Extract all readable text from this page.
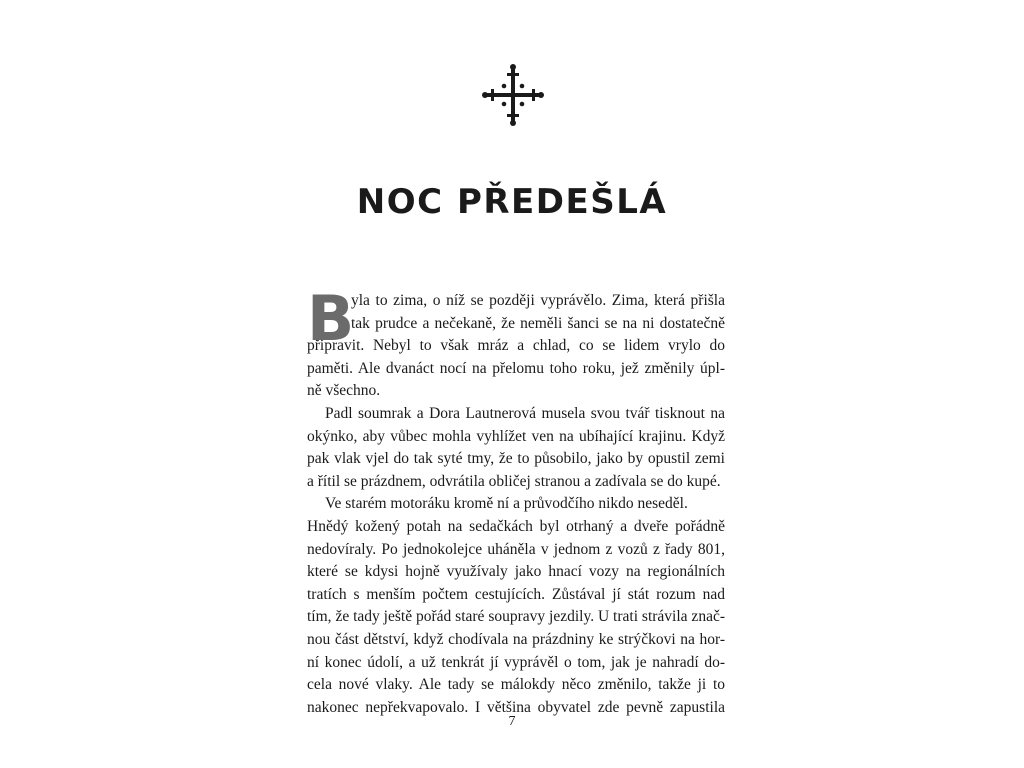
NOC PŘEDEŠLÁ
B
yla to zima, o níž se později vyprávělo. Zima, která přišla
tak prudce a nečekaně, že neměli šanci se na ni dostatečně
připravit. Nebyl to však mráz a chlad, co se lidem vrylo do
paměti. Ale dvanáct nocí na přelomu toho roku, jež změnily úpl-
ně všechno.
Padl soumrak a Dora Lautnerová musela svou tvář tisknout na
okýnko, aby vůbec mohla vyhlížet ven na ubíhající krajinu. Když
pak vlak vjel do tak syté tmy, že to působilo, jako by opustil zemi
a řítil se prázdnem, odvrátila obličej stranou a zadívala se do kupé.
Ve starém motoráku kromě ní a průvodčího nikdo neseděl.
Hnědý kožený potah na sedačkách byl otrhaný a dveře pořádně
nedovíraly. Po jednokolejce uháněla v jednom z vozů z řady 801,
které se kdysi hojně využívaly jako hnací vozy na regionálních
tratích s menším počtem cestujících. Zůstával jí stát rozum nad
tím, že tady ještě pořád staré soupravy jezdily. U trati strávila znač-
nou část dětství, když chodívala na prázdniny ke strýčkovi na hor-
ní konec údolí, a už tenkrát jí vyprávěl o tom, jak je nahradí do-
cela nové vlaky. Ale tady se málokdy něco změnilo, takže ji to
nakonec nepřekvapovalo. I většina obyvatel zde pevně zapustila
7
